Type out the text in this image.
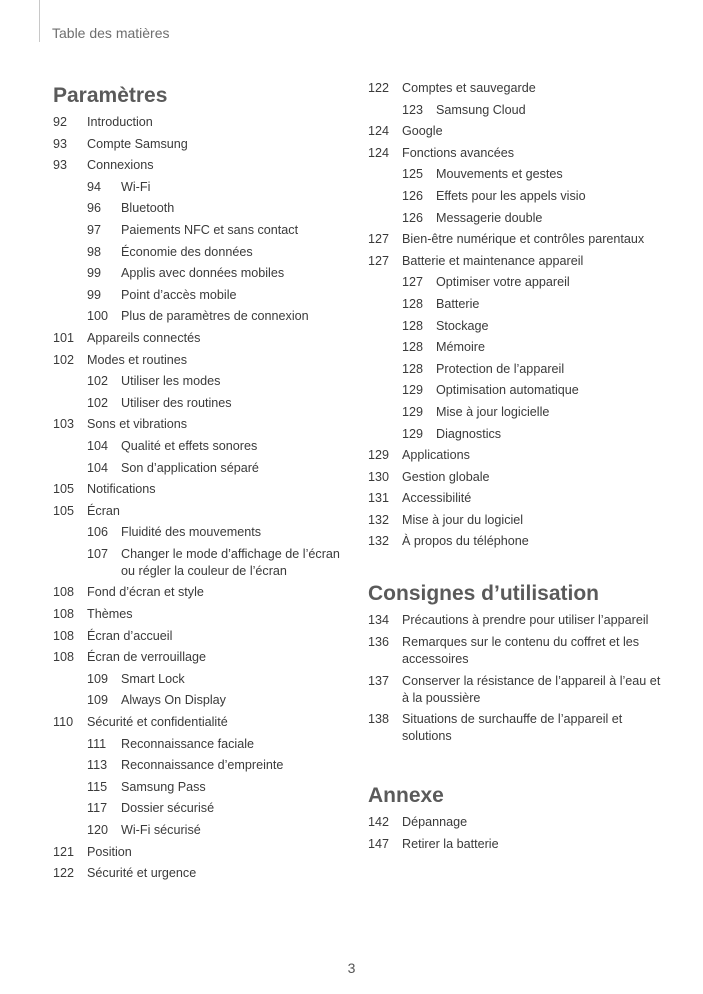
Table des matières
Paramètres
92	Introduction
93	Compte Samsung
93	Connexions
94	Wi-Fi
96	Bluetooth
97	Paiements NFC et sans contact
98	Économie des données
99	Applis avec données mobiles
99	Point d’accès mobile
100	Plus de paramètres de connexion
101	Appareils connectés
102	Modes et routines
102	Utiliser les modes
102	Utiliser des routines
103	Sons et vibrations
104	Qualité et effets sonores
104	Son d’application séparé
105	Notifications
105	Écran
106	Fluidité des mouvements
107	Changer le mode d’affichage de l’écran ou régler la couleur de l’écran
108	Fond d’écran et style
108	Thèmes
108	Écran d’accueil
108	Écran de verrouillage
109	Smart Lock
109	Always On Display
110	Sécurité et confidentialité
111	Reconnaissance faciale
113	Reconnaissance d’empreinte
115	Samsung Pass
117	Dossier sécurisé
120	Wi-Fi sécurisé
121	Position
122	Sécurité et urgence
122	Comptes et sauvegarde
123	Samsung Cloud
124	Google
124	Fonctions avancées
125	Mouvements et gestes
126	Effets pour les appels visio
126	Messagerie double
127	Bien-être numérique et contrôles parentaux
127	Batterie et maintenance appareil
127	Optimiser votre appareil
128	Batterie
128	Stockage
128	Mémoire
128	Protection de l’appareil
129	Optimisation automatique
129	Mise à jour logicielle
129	Diagnostics
129	Applications
130	Gestion globale
131	Accessibilité
132	Mise à jour du logiciel
132	À propos du téléphone
Consignes d’utilisation
134	Précautions à prendre pour utiliser l’appareil
136	Remarques sur le contenu du coffret et les accessoires
137	Conserver la résistance de l’appareil à l’eau et à la poussière
138	Situations de surchauffe de l’appareil et solutions
Annexe
142	Dépannage
147	Retirer la batterie
3
